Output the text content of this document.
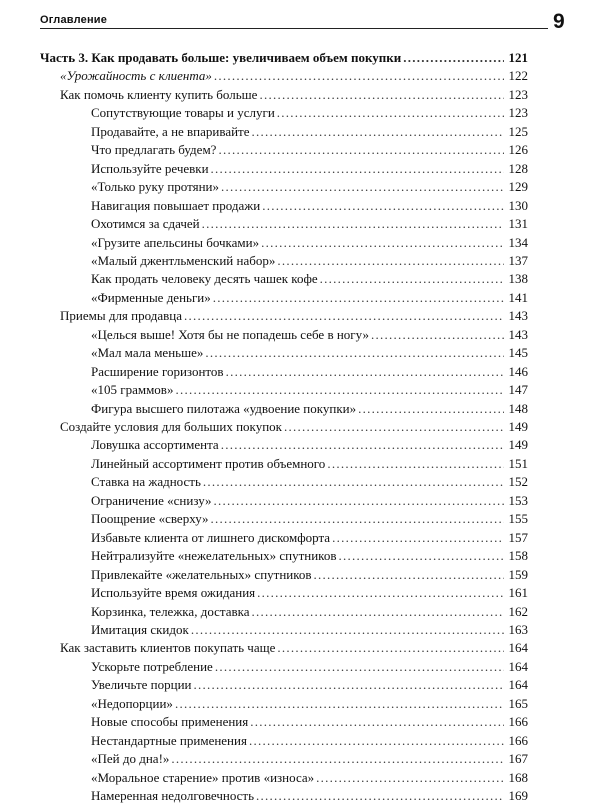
Оглавление	9
Часть 3. Как продавать больше: увеличиваем объем покупки . . .	121
«Урожайность с клиента» . . .	122
Как помочь клиенту купить больше . . .	123
Сопутствующие товары и услуги . . .	123
Продавайте, а не впаривайте . . .	125
Что предлагать будем? . . .	126
Используйте речевки . . .	128
«Только руку протяни» . . .	129
Навигация повышает продажи . . .	130
Охотимся за сдачей . . .	131
«Грузите апельсины бочками» . . .	134
«Малый джентльменский набор» . . .	137
Как продать человеку десять чашек кофе . . .	138
«Фирменные деньги» . . .	141
Приемы для продавца . . .	143
«Целься выше! Хотя бы не попадешь себе в ногу» . . .	143
«Мал мала меньше» . . .	145
Расширение горизонтов . . .	146
«105 граммов» . . .	147
Фигура высшего пилотажа «удвоение покупки» . . .	148
Создайте условия для больших покупок . . .	149
Ловушка ассортимента . . .	149
Линейный ассортимент против объемного . . .	151
Ставка на жадность . . .	152
Ограничение «снизу» . . .	153
Поощрение «сверху» . . .	155
Избавьте клиента от лишнего дискомфорта . . .	157
Нейтрализуйте «нежелательных» спутников . . .	158
Привлекайте «желательных» спутников . . .	159
Используйте время ожидания . . .	161
Корзинка, тележка, доставка . . .	162
Имитация скидок . . .	163
Как заставить клиентов покупать чаще . . .	164
Ускорьте потребление . . .	164
Увеличьте порции . . .	164
«Недопорции» . . .	165
Новые способы применения . . .	166
Нестандартные применения . . .	166
«Пей до дна!» . . .	167
«Моральное старение» против «износа» . . .	168
Намеренная недолговечность . . .	169
